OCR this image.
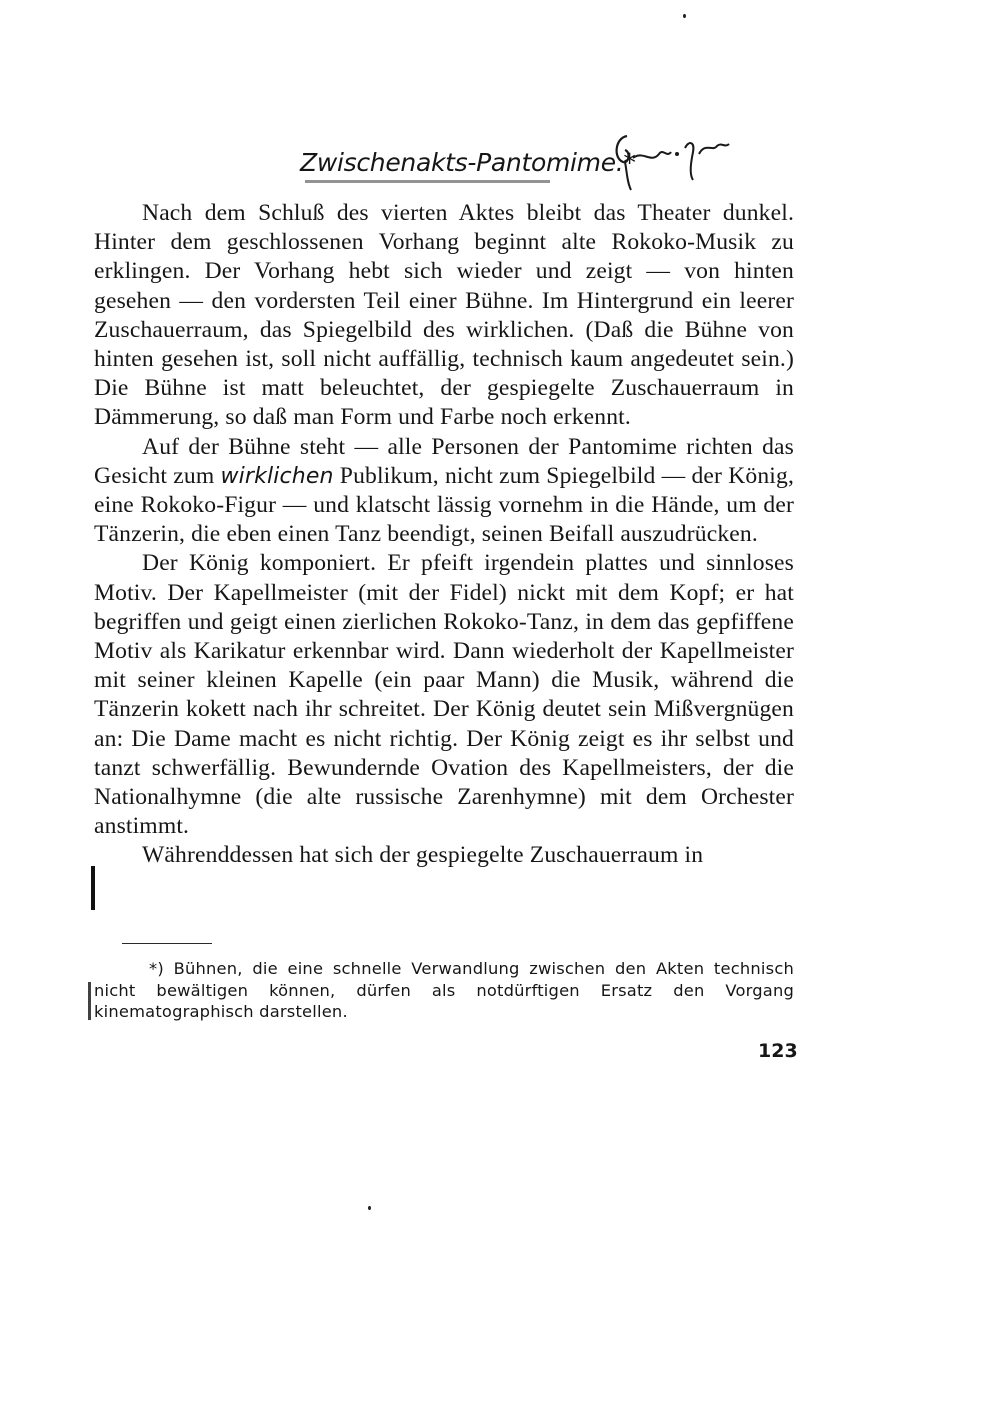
Zwischenakts-Pantomime.*

Nach dem Schluß des vierten Aktes bleibt das Theater dunkel. Hinter dem geschlossenen Vorhang beginnt alte Rokoko-Musik zu erklingen. Der Vorhang hebt sich wieder und zeigt — von hinten gesehen — den vordersten Teil einer Bühne. Im Hintergrund ein leerer Zuschauerraum, das Spiegelbild des wirklichen. (Daß die Bühne von hinten gesehen ist, soll nicht auffällig, technisch kaum angedeutet sein.) Die Bühne ist matt beleuchtet, der gespiegelte Zuschauerraum in Dämmerung, so daß man Form und Farbe noch erkennt.

Auf der Bühne steht — alle Personen der Pantomime richten das Gesicht zum wirklichen Publikum, nicht zum Spiegelbild — der König, eine Rokoko-Figur — und klatscht lässig vornehm in die Hände, um der Tänzerin, die eben einen Tanz beendigt, seinen Beifall auszudrücken.

Der König komponiert. Er pfeift irgendein plattes und sinnloses Motiv. Der Kapellmeister (mit der Fidel) nickt mit dem Kopf; er hat begriffen und geigt einen zierlichen Rokoko-Tanz, in dem das gepfiffene Motiv als Karikatur erkennbar wird. Dann wiederholt der Kapellmeister mit seiner kleinen Kapelle (ein paar Mann) die Musik, während die Tänzerin kokett nach ihr schreitet. Der König deutet sein Mißvergnügen an: Die Dame macht es nicht richtig. Der König zeigt es ihr selbst und tanzt schwerfällig. Bewundernde Ovation des Kapellmeisters, der die Nationalhymne (die alte russische Zarenhymne) mit dem Orchester anstimmt.

Währenddessen hat sich der gespiegelte Zuschauerraum in

*) Bühnen, die eine schnelle Verwandlung zwischen den Akten technisch nicht bewältigen können, dürfen als notdürftigen Ersatz den Vorgang kinematographisch darstellen.

123
